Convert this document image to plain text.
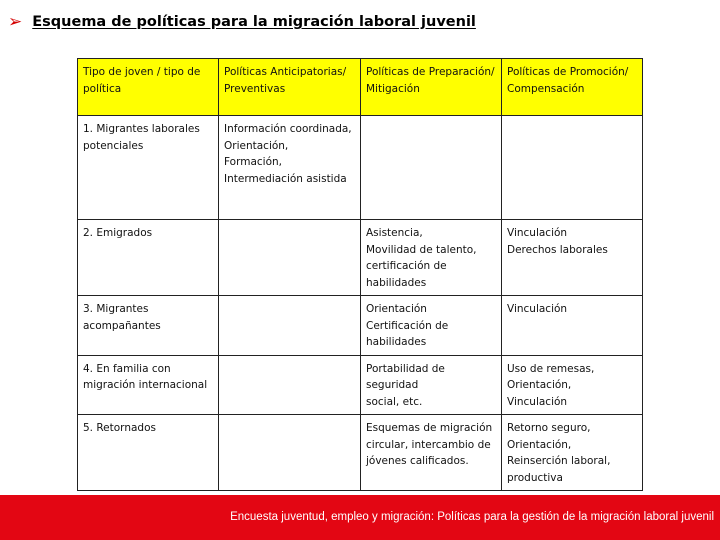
➢ Esquema de políticas para la migración laboral juvenil
Tipo de joven / tipo de política	Políticas Anticipatorias/ Preventivas	Políticas de Preparación/ Mitigación	Políticas de Promoción/ Compensación
1. Migrantes laborales
potenciales	Información coordinada,
Orientación,
Formación,
Intermediación asistida		
2. Emigrados		Asistencia,
Movilidad de talento,
certificación de
habilidades	Vinculación
Derechos laborales
3. Migrantes
acompañantes		Orientación
Certificación de
habilidades	Vinculación
4. En familia con
migración internacional		Portabilidad de seguridad
social, etc.	Uso de remesas,
Orientación,
Vinculación
5. Retornados		Esquemas de migración
circular, intercambio de
jóvenes calificados.	Retorno seguro,
Orientación,
Reinserción laboral,
productiva
Encuesta juventud, empleo y migración: Políticas para la gestión de la migración laboral juvenil
